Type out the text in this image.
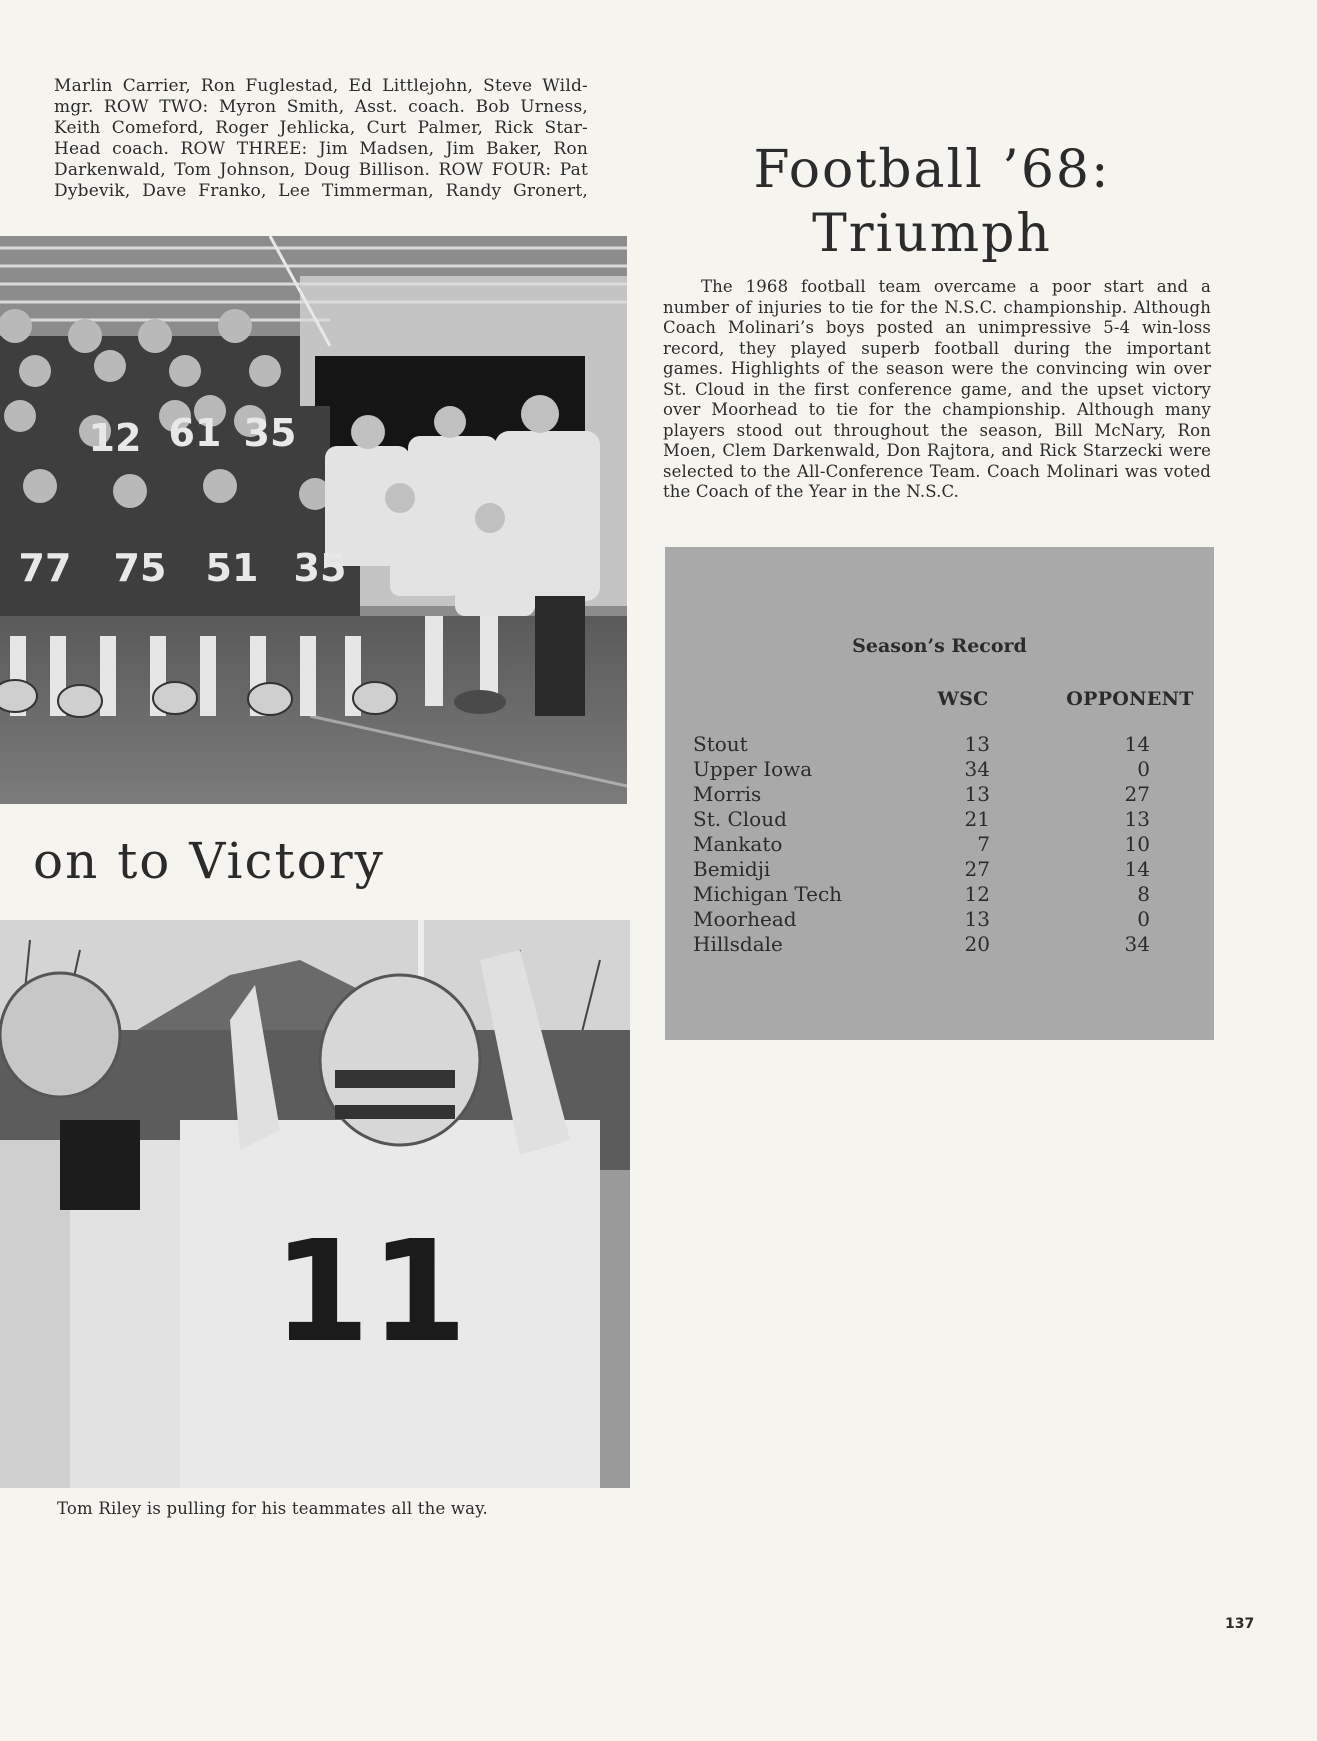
Marlin Carrier, Ron Fuglestad, Ed Littlejohn, Steve Wild-
mgr. ROW TWO: Myron Smith, Asst. coach. Bob Urness,
Keith Comeford, Roger Jehlicka, Curt Palmer, Rick Star-
Head coach. ROW THREE: Jim Madsen, Jim Baker, Ron
Darkenwald, Tom Johnson, Doug Billison. ROW FOUR: Pat
Dybevik, Dave Franko, Lee Timmerman, Randy Gronert,	Football ’68:
Triumph

The 1968 football team overcame a poor start and a number of injuries to tie for the N.S.C. championship. Although Coach Molinari’s boys posted an unimpressive 5-4 win-loss record, they played superb football during the important games. Highlights of the season were the convincing win over St. Cloud in the first conference game, and the upset victory over Moorhead to tie for the championship. Although many players stood out throughout the season, Bill McNary, Ron Moen, Clem Darkenwald, Don Rajtora, and Rick Starzecki were selected to the All-Conference Team. Coach Molinari was voted the Coach of the Year in the N.S.C.

77 75 51 35
12 61 35
on to Victory
11

Tom Riley is pulling for his teammates all the way.

Season’s Record

WSC	OPPONENT
Stout	13	14
Upper Iowa	34	0
Morris	13	27
St. Cloud	21	13
Mankato	7	10
Bemidji	27	14
Michigan Tech	12	8
Moorhead	13	0
Hillsdale	20	34
137
